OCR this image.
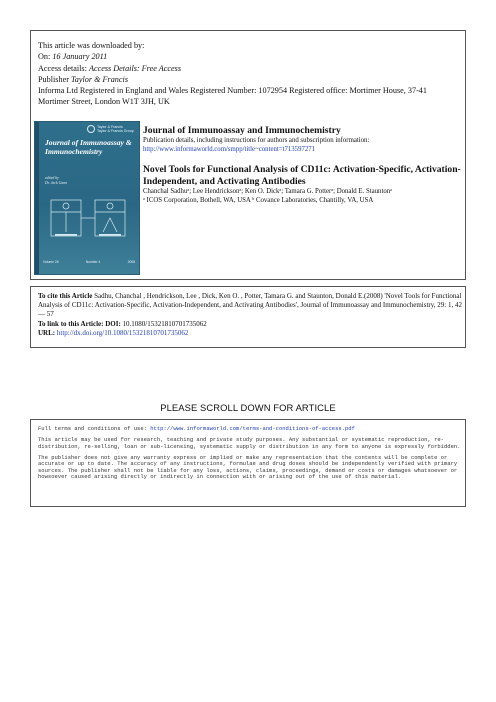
This article was downloaded by:
On: 16 January 2011
Access details: Access Details: Free Access
Publisher Taylor & Francis
Informa Ltd Registered in England and Wales Registered Number: 1072954 Registered office: Mortimer House, 37-41 Mortimer Street, London W1T 3JH, UK
Taylor & Francis
Taylor & Francis Group
Journal of Immunoassay & Immunochemistry
edited by
Dr. Jack Gann
Volume 28	Number 4	2008
Journal of Immunoassay and Immunochemistry
Publication details, including instructions for authors and subscription information:
http://www.informaworld.com/smpp/title~content=t713597271
Novel Tools for Functional Analysis of CD11c: Activation-Specific, Activation-Independent, and Activating Antibodies
Chanchal Sadhuᵃ; Lee Hendricksonᵃ; Ken O. Dickᵃ; Tamara G. Potterᵃ; Donald E. Stauntonᵃ
ᵃ ICOS Corporation, Bothell, WA, USA ᵇ Covance Laboratories, Chantilly, VA, USA
To cite this Article Sadhu, Chanchal , Hendrickson, Lee , Dick, Ken O. , Potter, Tamara G. and Staunton, Donald E.(2008) 'Novel Tools for Functional Analysis of CD11c: Activation-Specific, Activation-Independent, and Activating Antibodies', Journal of Immunoassay and Immunochemistry, 29: 1, 42 — 57
To link to this Article: DOI: 10.1080/15321810701735062
URL: http://dx.doi.org/10.1080/15321810701735062
PLEASE SCROLL DOWN FOR ARTICLE

Full terms and conditions of use: http://www.informaworld.com/terms-and-conditions-of-access.pdf

This article may be used for research, teaching and private study purposes. Any substantial or systematic reproduction, re-distribution, re-selling, loan or sub-licensing, systematic supply or distribution in any form to anyone is expressly forbidden.

The publisher does not give any warranty express or implied or make any representation that the contents will be complete or accurate or up to date. The accuracy of any instructions, formulae and drug doses should be independently verified with primary sources. The publisher shall not be liable for any loss, actions, claims, proceedings, demand or costs or damages whatsoever or howsoever caused arising directly or indirectly in connection with or arising out of the use of this material.
